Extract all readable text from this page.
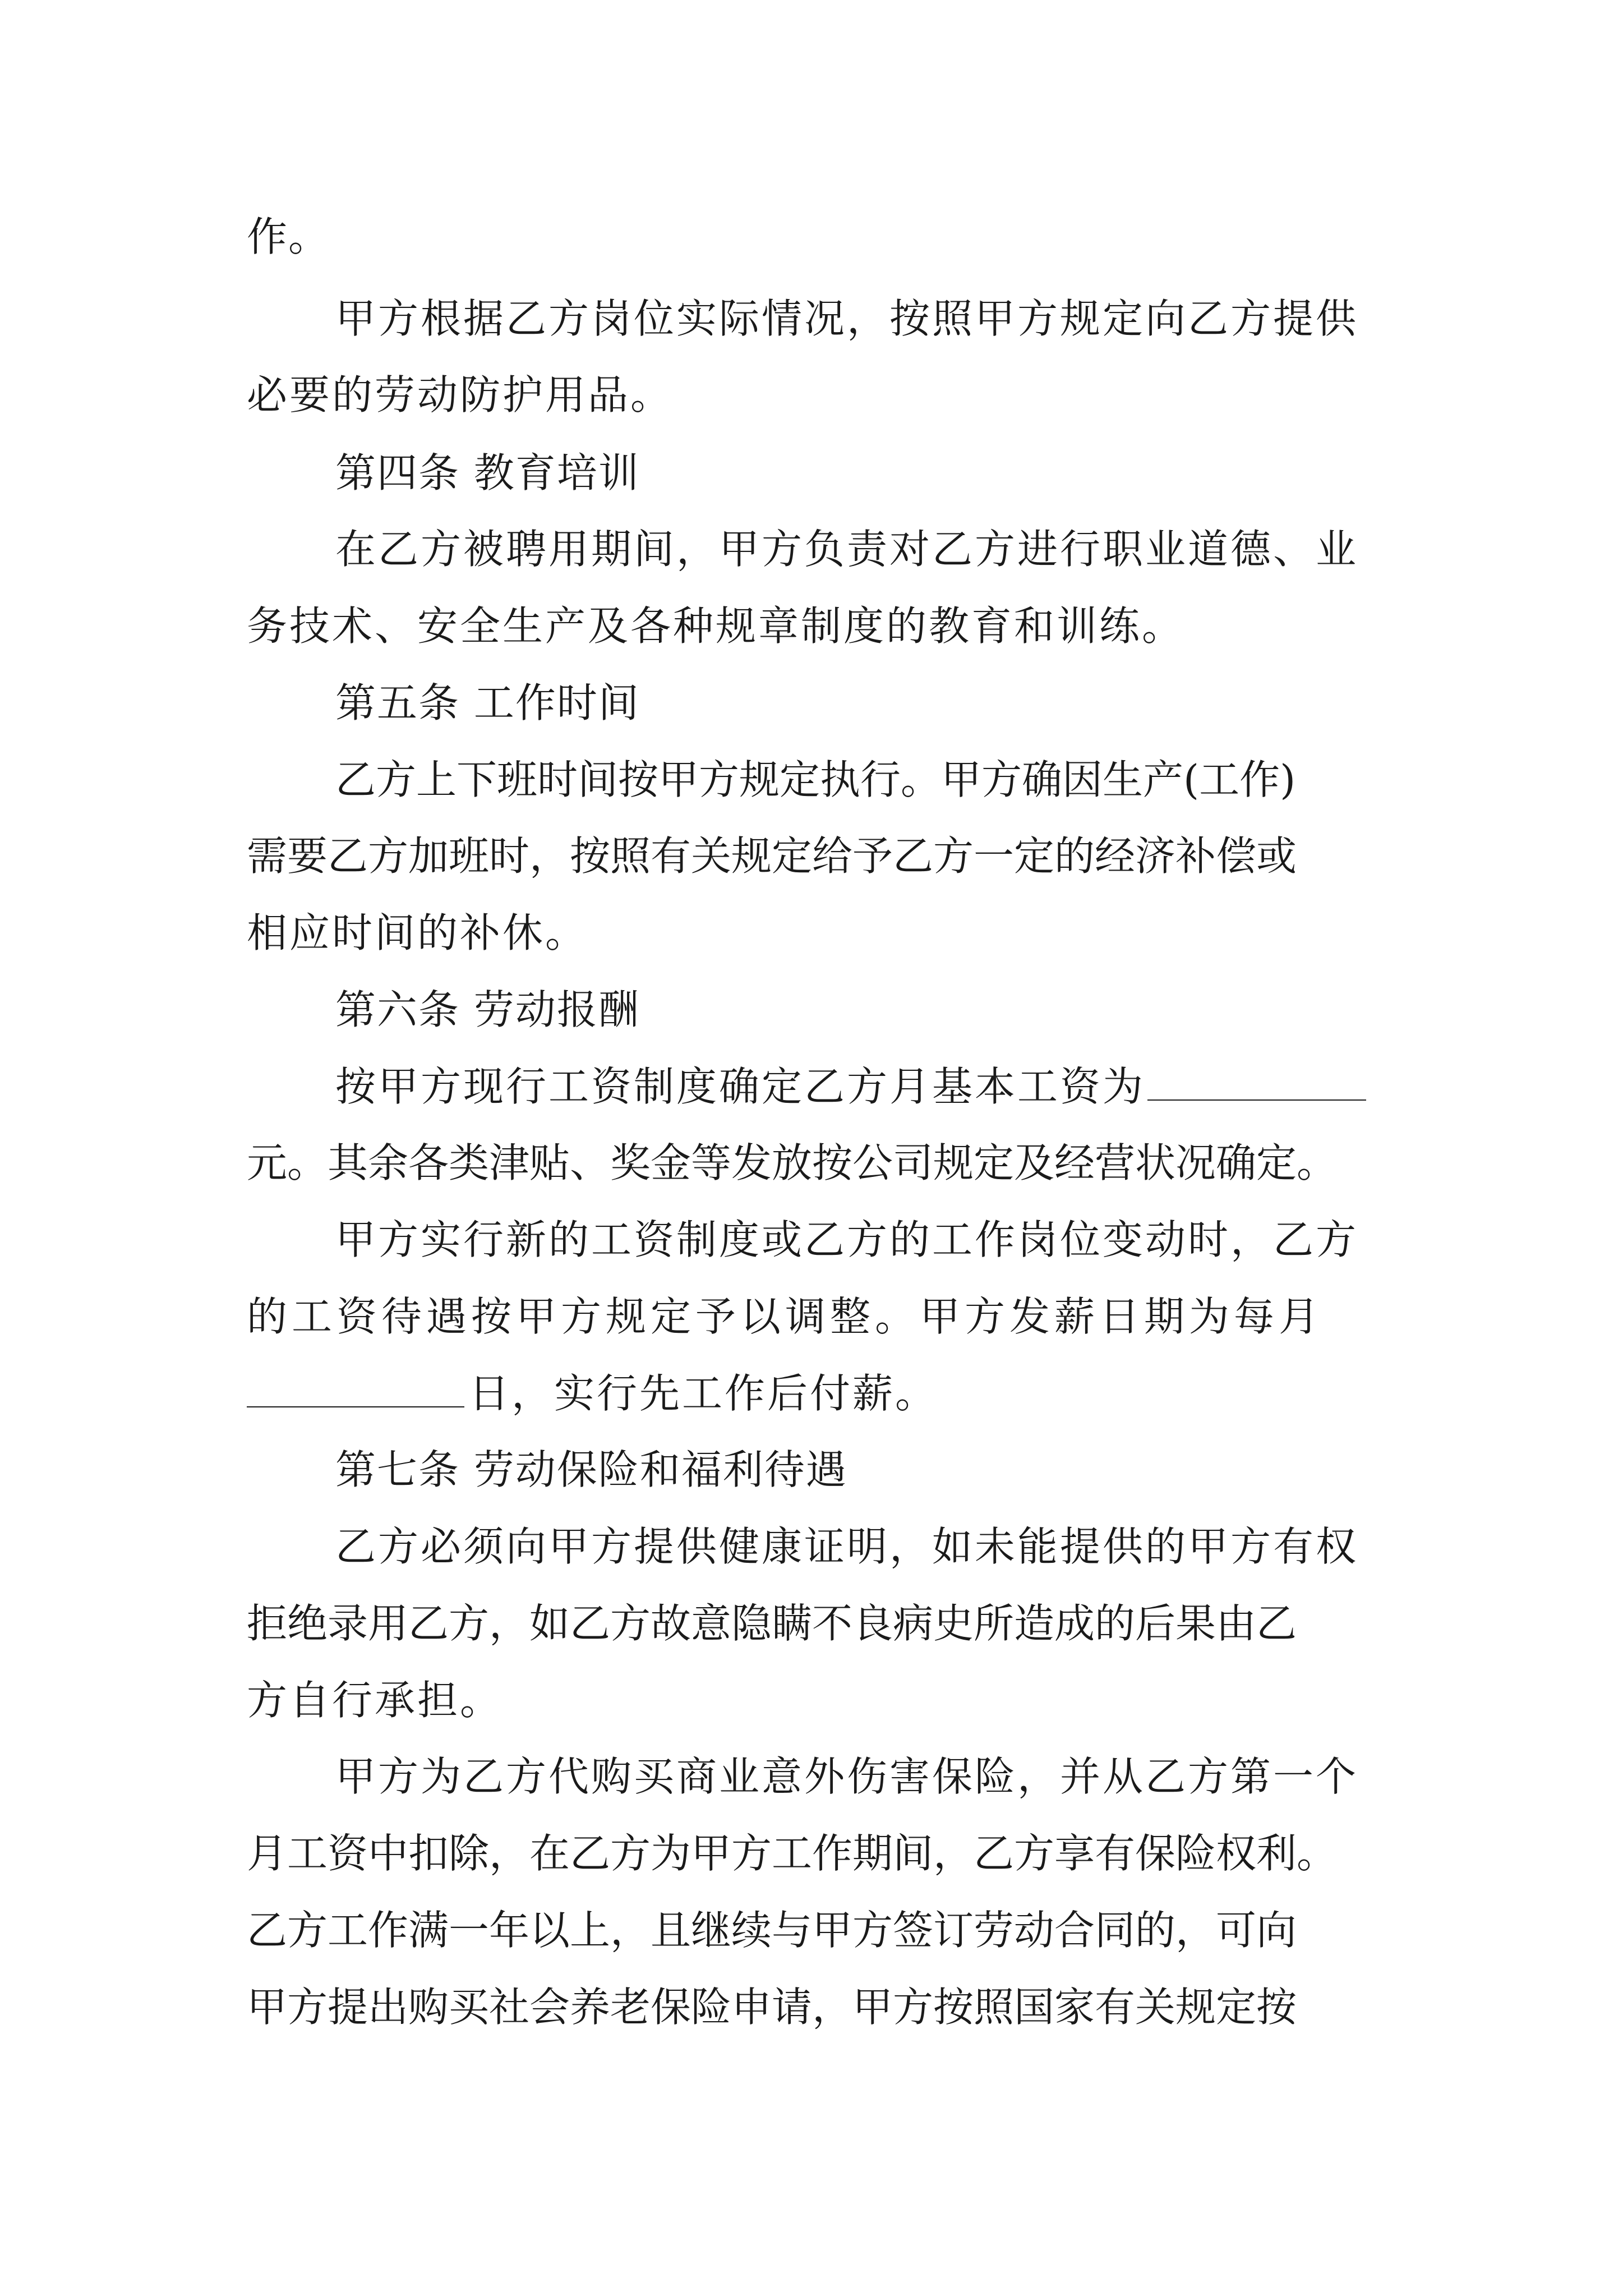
作。

甲方根据乙方岗位实际情况，按照甲方规定向乙方提供

必要的劳动防护用品。

第四条 教育培训

在乙方被聘用期间，甲方负责对乙方进行职业道德、业

务技术、安全生产及各种规章制度的教育和训练。

第五条 工作时间

乙方上下班时间按甲方规定执行。甲方确因生产(工作)

需要乙方加班时，按照有关规定给予乙方一定的经济补偿或

相应时间的补休。

第六条 劳动报酬

按甲方现行工资制度确定乙方月基本工资为

元。其余各类津贴、奖金等发放按公司规定及经营状况确定。

甲方实行新的工资制度或乙方的工作岗位变动时，乙方

的工资待遇按甲方规定予以调整。甲方发薪日期为每月

日，实行先工作后付薪。

第七条 劳动保险和福利待遇

乙方必须向甲方提供健康证明，如未能提供的甲方有权

拒绝录用乙方，如乙方故意隐瞒不良病史所造成的后果由乙

方自行承担。

甲方为乙方代购买商业意外伤害保险，并从乙方第一个

月工资中扣除，在乙方为甲方工作期间，乙方享有保险权利。

乙方工作满一年以上，且继续与甲方签订劳动合同的，可向

甲方提出购买社会养老保险申请，甲方按照国家有关规定按
